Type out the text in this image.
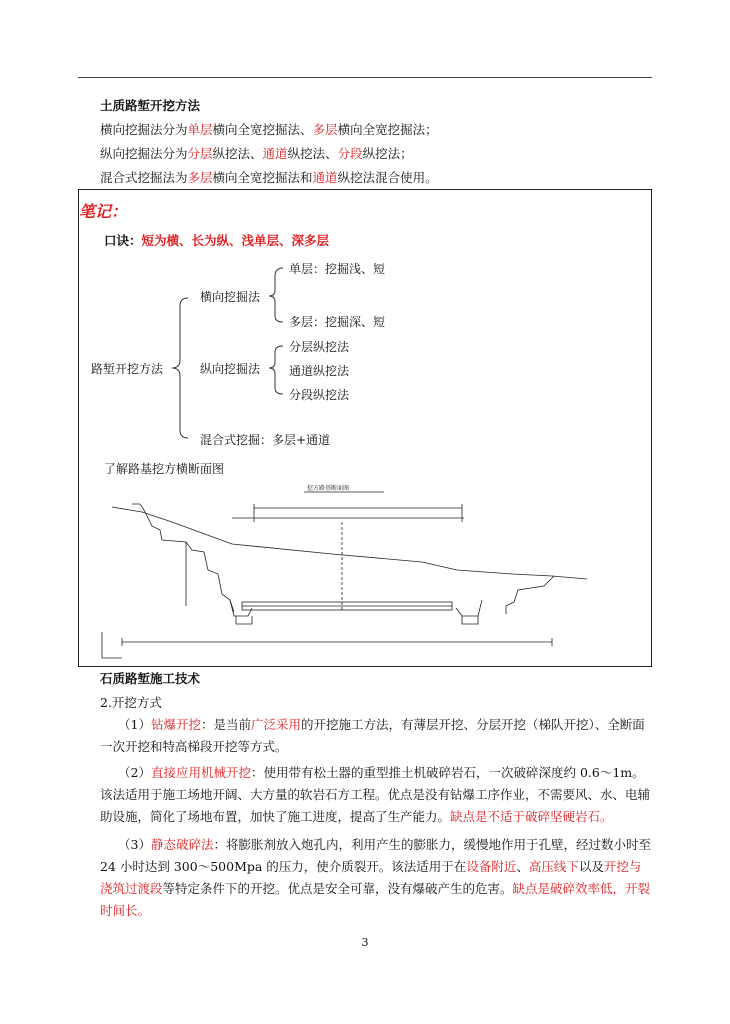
土质路堑开挖方法
横向挖掘法分为单层横向全宽挖掘法、多层横向全宽挖掘法；
纵向挖掘法分为分层纵挖法、通道纵挖法、分段纵挖法；
混合式挖掘法为多层横向全宽挖掘法和通道纵挖法混合使用。
笔记：
口诀：短为横、长为纵、浅单层、深多层
路堑开挖方法
横向挖掘法
单层：挖掘浅、短
多层：挖掘深、短
纵向挖掘法
分层纵挖法
通道纵挖法
分段纵挖法
混合式挖掘：多层+通道
了解路基挖方横断面图
挖方路基断面图
石质路堑施工技术
2.开挖方式
（1）钻爆开挖：是当前广泛采用的开挖施工方法，有薄层开挖、分层开挖（梯队开挖）、全断面一次开挖和特高梯段开挖等方式。
（2）直接应用机械开挖：使用带有松土器的重型推土机破碎岩石，一次破碎深度约 0.6～1m。该法适用于施工场地开阔、大方量的软岩石方工程。优点是没有钻爆工序作业，不需要风、水、电辅助设施，简化了场地布置，加快了施工进度，提高了生产能力。缺点是不适于破碎坚硬岩石。
（3）静态破碎法：将膨胀剂放入炮孔内，利用产生的膨胀力，缓慢地作用于孔壁，经过数小时至 24 小时达到 300～500Mpa 的压力，使介质裂开。该法适用于在设备附近、高压线下以及开挖与浇筑过渡段等特定条件下的开挖。优点是安全可靠，没有爆破产生的危害。缺点是破碎效率低，开裂时间长。
3
